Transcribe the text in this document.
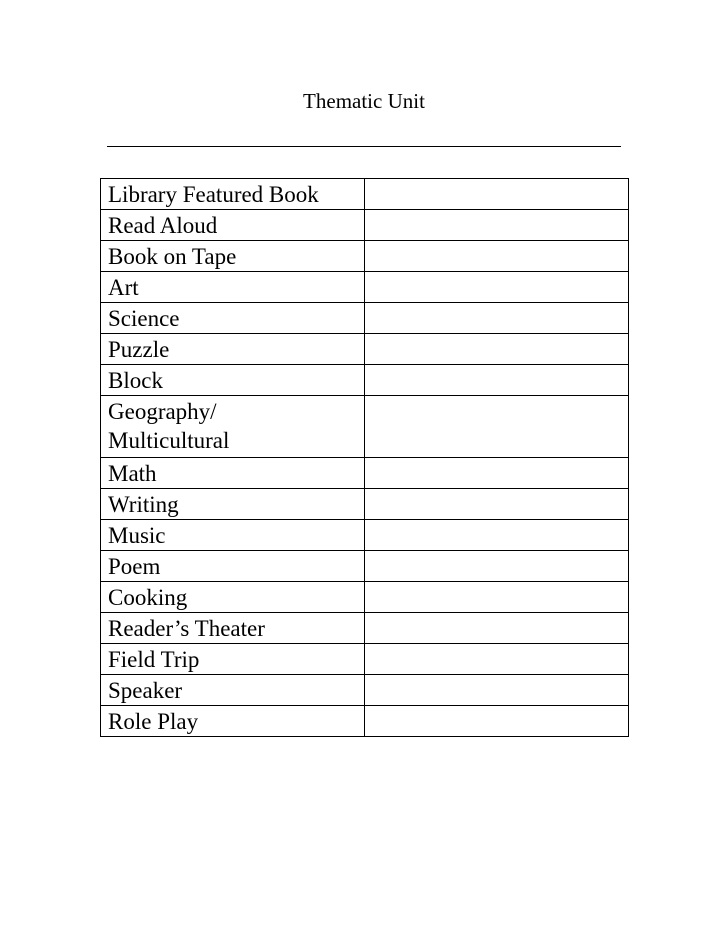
Thematic Unit
Library Featured Book	

Read Aloud	

Book on Tape	

Art	

Science	

Puzzle	

Block	

Geography/
Multicultural	

Math	

Writing	

Music	

Poem	

Cooking	

Reader’s Theater	

Field Trip	

Speaker	

Role Play	
